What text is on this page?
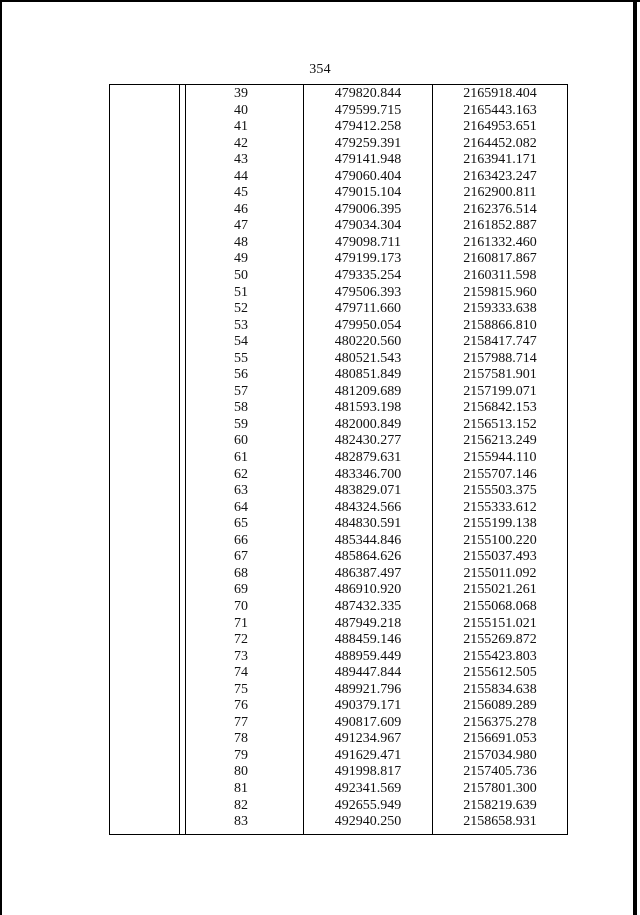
354
39	479820.844	2165918.404
40	479599.715	2165443.163
41	479412.258	2164953.651
42	479259.391	2164452.082
43	479141.948	2163941.171
44	479060.404	2163423.247
45	479015.104	2162900.811
46	479006.395	2162376.514
47	479034.304	2161852.887
48	479098.711	2161332.460
49	479199.173	2160817.867
50	479335.254	2160311.598
51	479506.393	2159815.960
52	479711.660	2159333.638
53	479950.054	2158866.810
54	480220.560	2158417.747
55	480521.543	2157988.714
56	480851.849	2157581.901
57	481209.689	2157199.071
58	481593.198	2156842.153
59	482000.849	2156513.152
60	482430.277	2156213.249
61	482879.631	2155944.110
62	483346.700	2155707.146
63	483829.071	2155503.375
64	484324.566	2155333.612
65	484830.591	2155199.138
66	485344.846	2155100.220
67	485864.626	2155037.493
68	486387.497	2155011.092
69	486910.920	2155021.261
70	487432.335	2155068.068
71	487949.218	2155151.021
72	488459.146	2155269.872
73	488959.449	2155423.803
74	489447.844	2155612.505
75	489921.796	2155834.638
76	490379.171	2156089.289
77	490817.609	2156375.278
78	491234.967	2156691.053
79	491629.471	2157034.980
80	491998.817	2157405.736
81	492341.569	2157801.300
82	492655.949	2158219.639
83	492940.250	2158658.931
